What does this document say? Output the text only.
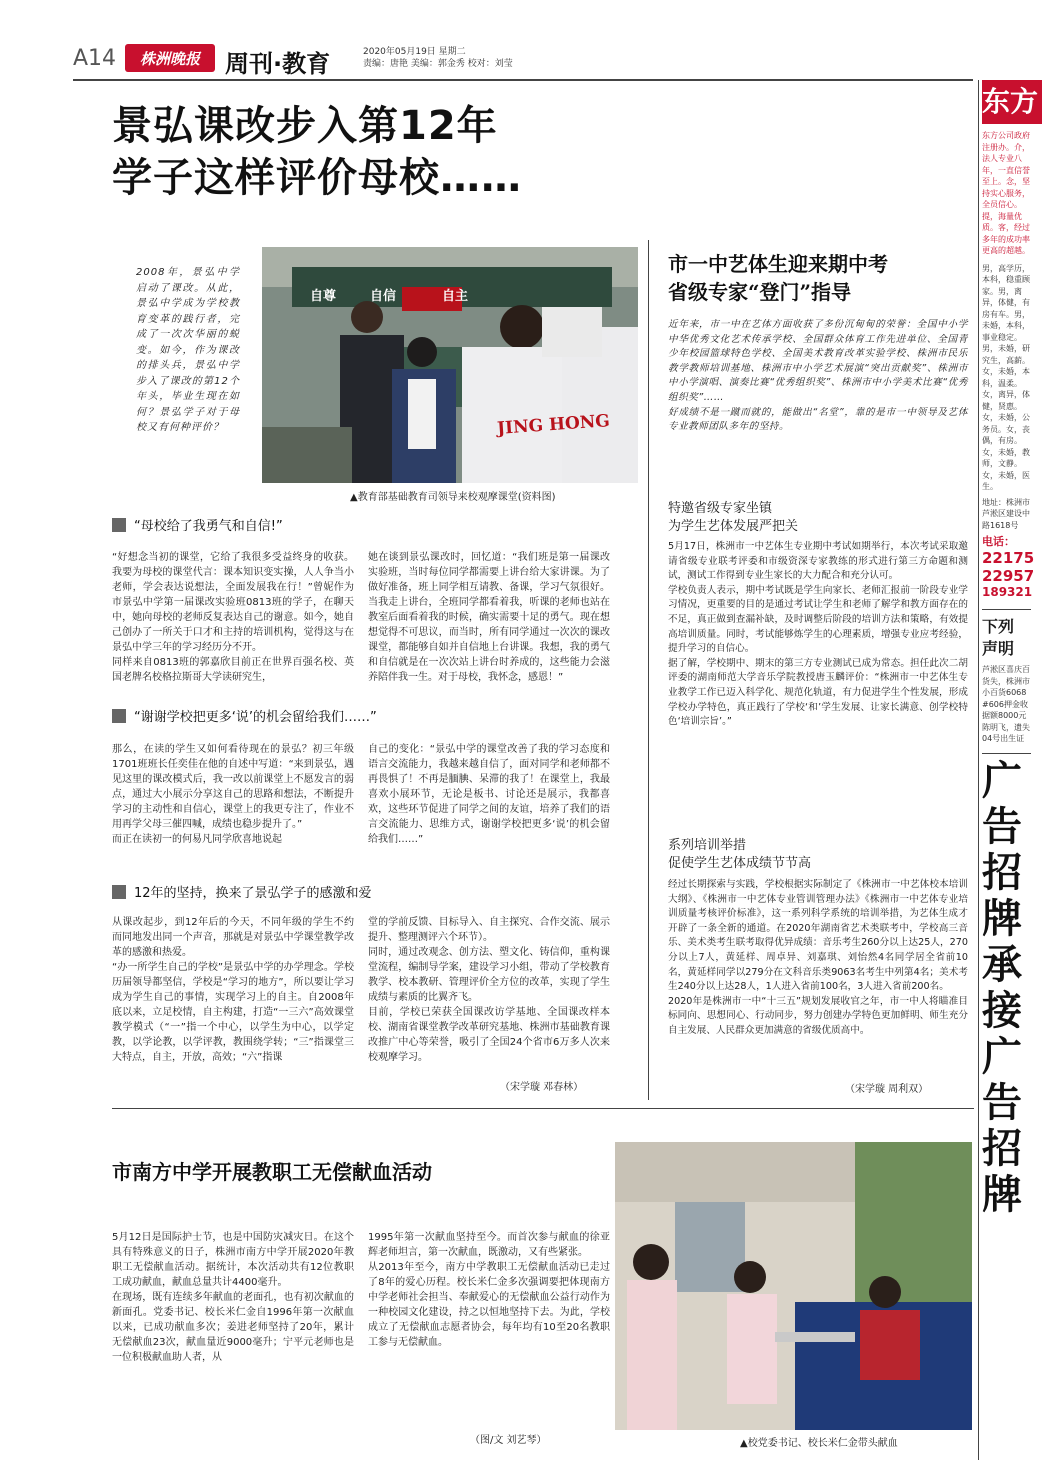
A14	株洲晚报	周刊·教育	2020年05月19日 星期二
责编：唐艳 美编：郭金秀 校对：刘莹
景弘课改步入第12年
学子这样评价母校……
2008年，景弘中学启动了课改。从此，景弘中学成为学校教育变革的践行者，完成了一次次华丽的蜕变。如今，作为课改的排头兵，景弘中学步入了课改的第12个年头，毕业生现在如何？景弘学子对于母校又有何种评价？
自尊	自信	自主
JING HONG
▲教育部基础教育司领导来校观摩课堂(资料图)
“母校给了我勇气和自信!”
“好想念当初的课堂，它给了我很多受益终身的收获。我要为母校的课堂代言：课本知识变实操，人人争当小老师，学会表达说想法，全面发展我在行！”曾妮作为市景弘中学第一届课改实验班0813班的学子，在聊天中，她向母校的老师反复表达自己的谢意。如今，她自己创办了一所关于口才和主持的培训机构，觉得这与在景弘中学三年的学习经历分不开。
同样来自0813班的郭嘉欣目前正在世界百强名校、英国老牌名校格拉斯哥大学读研究生，
她在谈到景弘课改时，回忆道：“我们班是第一届课改实验班，当时每位同学都需要上讲台给大家讲课。为了做好准备，班上同学相互请教、备课，学习气氛很好。当我走上讲台，全班同学都看着我，听课的老师也站在教室后面看着我的时候，确实需要十足的勇气。现在想想觉得不可思议，而当时，所有同学通过一次次的课改课堂，都能够自如并自信地上台讲课。我想，我的勇气和自信就是在一次次站上讲台时养成的，这些能力会滋养陪伴我一生。对于母校，我怀念，感恩！”
“谢谢学校把更多‘说’的机会留给我们……”
那么，在读的学生又如何看待现在的景弘？初三年级1701班班长任奕佳在他的自述中写道：“来到景弘，遇见这里的课改模式后，我一改以前课堂上不愿发言的弱点，通过大小展示分享这自己的思路和想法，不断提升学习的主动性和自信心，课堂上的我更专注了，作业不用再学父母三催四喊，成绩也稳步提升了。”
而正在读初一的何易凡同学欣喜地说起
自己的变化：“景弘中学的课堂改善了我的学习态度和语言交流能力，我越来越自信了，面对同学和老师都不再畏惧了！不再是腼腆、呆滞的我了！在课堂上，我最喜欢小展环节，无论是板书、讨论还是展示，我都喜欢，这些环节促进了同学之间的友谊，培养了我们的语言交流能力、思维方式，谢谢学校把更多‘说’的机会留给我们……”
12年的坚持，换来了景弘学子的感激和爱
从课改起步，到12年后的今天，不同年级的学生不约而同地发出同一个声音，那就是对景弘中学课堂教学改革的感激和热爱。
“办一所学生自己的学校”是景弘中学的办学理念。学校历届领导都坚信，学校是“学习的地方”，所以要让学习成为学生自己的事情，实现学习上的自主。自2008年底以来，立足校情，自主构建，打造“一三六”高效课堂教学模式（“一”指一个中心，以学生为中心，以学定教，以学论教，以学评教，教围绕学转；“三”指课堂三大特点，自主，开放，高效；“六”指课
堂的学前反馈、目标导入、自主探究、合作交流、展示提升、整理测评六个环节）。
同时，通过改观念、创方法、塑文化、铸信仰，重构课堂流程，编制导学案，建设学习小组，带动了学校教育教学、校本教研、管理评价全方位的改革，实现了学生成绩与素质的比翼齐飞。
目前，学校已荣获全国课改访学基地、全国课改样本校、湖南省课堂教学改革研究基地、株洲市基础教育课改推广中心等荣誉，吸引了全国24个省市6万多人次来校观摩学习。
（宋学璇 邓春林）
市一中艺体生迎来期中考
省级专家“登门”指导
近年来，市一中在艺体方面收获了多份沉甸甸的荣誉：全国中小学中华优秀文化艺术传承学校、全国群众体育工作先进单位、全国青少年校园篮球特色学校、全国美术教育改革实验学校、株洲市民乐教学教师培训基地、株洲市中小学艺术展演“突出贡献奖”、株洲市中小学演唱、演奏比赛“优秀组织奖”、株洲市中小学美术比赛“优秀组织奖”……
好成绩不是一蹴而就的，能做出“名堂”，靠的是市一中领导及艺体专业教师团队多年的坚持。
特邀省级专家坐镇
为学生艺体发展严把关
5月17日，株洲市一中艺体生专业期中考试如期举行，本次考试采取邀请省级专业联考评委和市级资深专家教练的形式进行第三方命题和测试，测试工作得到专业生家长的大力配合和充分认可。
学校负责人表示，期中考试既是学生向家长、老师汇报前一阶段专业学习情况，更重要的目的是通过考试让学生和老师了解学和教方面存在的不足，真正做到查漏补缺，及时调整后阶段的培训方法和策略，有效提高培训质量。同时，考试能够炼学生的心理素质，增强专业应考经验，提升学习的自信心。
据了解，学校期中、期末的第三方专业测试已成为常态。担任此次二胡评委的湖南师范大学音乐学院教授唐玉麟评价：“株洲市一中艺体生专业教学工作已迈入科学化、规范化轨道，有力促进学生个性发展，形成学校办学特色，真正践行了学校‘和’学生发展、让家长满意、创学校特色‘培训宗旨’。”
系列培训举措
促使学生艺体成绩节节高
经过长期探索与实践，学校根据实际制定了《株洲市一中艺体校本培训大纲》、《株洲市一中艺体专业管训管理办法》《株洲市一中艺体专业培训质量考核评价标准》，这一系列科学系统的培训举措，为艺体生成才开辟了一条全新的通道。在2020年湖南省艺术类联考中，学校高三音乐、美术类考生联考取得优异成绩：音乐考生260分以上达25人，270分以上7人，黄延样、周卓异、刘嘉琪、刘怡然4名同学居全省前10名，黄延样同学以279分在文科音乐类9063名考生中列第4名；美术考生240分以上达28人，1人进入省前100名，3人进入省前200名。
2020年是株洲市一中“十三五”规划发展收官之年，市一中人将瞄准目标同向、思想同心、行动同步，努力创建办学特色更加鲜明、师生充分自主发展、人民群众更加满意的省级优质高中。
（宋学璇 周利双）
市南方中学开展教职工无偿献血活动
5月12日是国际护士节，也是中国防灾减灾日。在这个具有特殊意义的日子，株洲市南方中学开展2020年教职工无偿献血活动。据统计，本次活动共有12位教职工成功献血，献血总量共计4400毫升。
在现场，既有连续多年献血的老面孔，也有初次献血的新面孔。党委书记、校长米仁金自1996年第一次献血以来，已成功献血多次；姜进老师坚持了20年，累计无偿献血23次，献血量近9000毫升；宁平元老师也是一位积极献血助人者，从
1995年第一次献血坚持至今。而首次参与献血的徐亚辉老师坦言，第一次献血，既激动，又有些紧张。
从2013年至今，南方中学教职工无偿献血活动已走过了8年的爱心历程。校长米仁金多次强调要把体现南方中学老师社会担当、奉献爱心的无偿献血公益行动作为一种校园文化建设，持之以恒地坚持下去。为此，学校成立了无偿献血志愿者协会，每年均有10至20名教职工参与无偿献血。
（图/文 刘艺琴）	▲校党委书记、校长米仁金带头献血
东方
东方公司政府注册办。介，法人专业八年，一直信誉至上。念，坚持实心服务，全员信心。提，海量优质。客，经过多年的成功率更高的超越。
男，高学历，本科，稳重顾家。男，离异，体健，有房有车。男，未婚，本科，事业稳定。男，未婚，研究生，高薪。女，未婚，本科，温柔。女，离异，体健，贤惠。女，未婚，公务员。女，丧偶，有房。女，未婚，教师，文静。女，未婚，医生。
地址：株洲市芦淞区建设中路1618号
电话：
22175
22957
189321
下列
声明
芦淞区喜庆百货失，株洲市小百货6068#606押金收据额8000元 陈明飞，遗失04号出生证
广告招牌承接广告招牌
